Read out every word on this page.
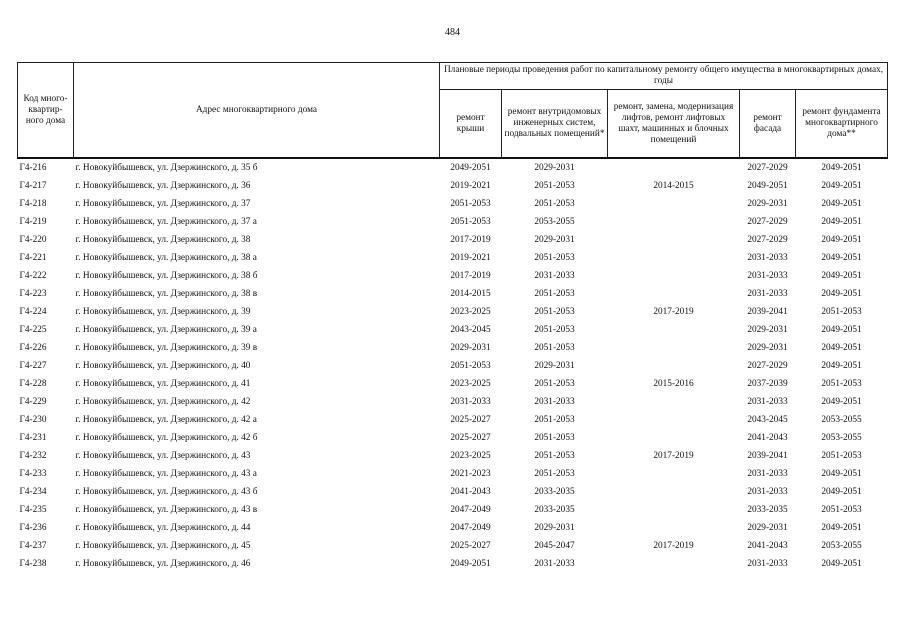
484
Код много-квартир-ного дома	Адрес многоквартирного дома	Плановые периоды проведения работ по капитальному ремонту общего имущества в многоквартирных домах, годы				
		ремонт крыши	ремонт внутридомовых инженерных систем, подвальных помещений*	ремонт, замена, модернизация лифтов, ремонт лифтовых шахт, машинных и блочных помещений	ремонт фасада	ремонт фундамента многоквартирного дома**
Г4-216	г. Новокуйбышевск, ул. Дзержинского, д. 35 б	2049-2051	2029-2031		2027-2029	2049-2051
Г4-217	г. Новокуйбышевск, ул. Дзержинского, д. 36	2019-2021	2051-2053	2014-2015	2049-2051	2049-2051
Г4-218	г. Новокуйбышевск, ул. Дзержинского, д. 37	2051-2053	2051-2053		2029-2031	2049-2051
Г4-219	г. Новокуйбышевск, ул. Дзержинского, д. 37 а	2051-2053	2053-2055		2027-2029	2049-2051
Г4-220	г. Новокуйбышевск, ул. Дзержинского, д. 38	2017-2019	2029-2031		2027-2029	2049-2051
Г4-221	г. Новокуйбышевск, ул. Дзержинского, д. 38 а	2019-2021	2051-2053		2031-2033	2049-2051
Г4-222	г. Новокуйбышевск, ул. Дзержинского, д. 38 б	2017-2019	2031-2033		2031-2033	2049-2051
Г4-223	г. Новокуйбышевск, ул. Дзержинского, д. 38 в	2014-2015	2051-2053		2031-2033	2049-2051
Г4-224	г. Новокуйбышевск, ул. Дзержинского, д. 39	2023-2025	2051-2053	2017-2019	2039-2041	2051-2053
Г4-225	г. Новокуйбышевск, ул. Дзержинского, д. 39 а	2043-2045	2051-2053		2029-2031	2049-2051
Г4-226	г. Новокуйбышевск, ул. Дзержинского, д. 39 в	2029-2031	2051-2053		2029-2031	2049-2051
Г4-227	г. Новокуйбышевск, ул. Дзержинского, д. 40	2051-2053	2029-2031		2027-2029	2049-2051
Г4-228	г. Новокуйбышевск, ул. Дзержинского, д. 41	2023-2025	2051-2053	2015-2016	2037-2039	2051-2053
Г4-229	г. Новокуйбышевск, ул. Дзержинского, д. 42	2031-2033	2031-2033		2031-2033	2049-2051
Г4-230	г. Новокуйбышевск, ул. Дзержинского, д. 42 а	2025-2027	2051-2053		2043-2045	2053-2055
Г4-231	г. Новокуйбышевск, ул. Дзержинского, д. 42 б	2025-2027	2051-2053		2041-2043	2053-2055
Г4-232	г. Новокуйбышевск, ул. Дзержинского, д. 43	2023-2025	2051-2053	2017-2019	2039-2041	2051-2053
Г4-233	г. Новокуйбышевск, ул. Дзержинского, д. 43 а	2021-2023	2051-2053		2031-2033	2049-2051
Г4-234	г. Новокуйбышевск, ул. Дзержинского, д. 43 б	2041-2043	2033-2035		2031-2033	2049-2051
Г4-235	г. Новокуйбышевск, ул. Дзержинского, д. 43 в	2047-2049	2033-2035		2033-2035	2051-2053
Г4-236	г. Новокуйбышевск, ул. Дзержинского, д. 44	2047-2049	2029-2031		2029-2031	2049-2051
Г4-237	г. Новокуйбышевск, ул. Дзержинского, д. 45	2025-2027	2045-2047	2017-2019	2041-2043	2053-2055
Г4-238	г. Новокуйбышевск, ул. Дзержинского, д. 46	2049-2051	2031-2033		2031-2033	2049-2051
